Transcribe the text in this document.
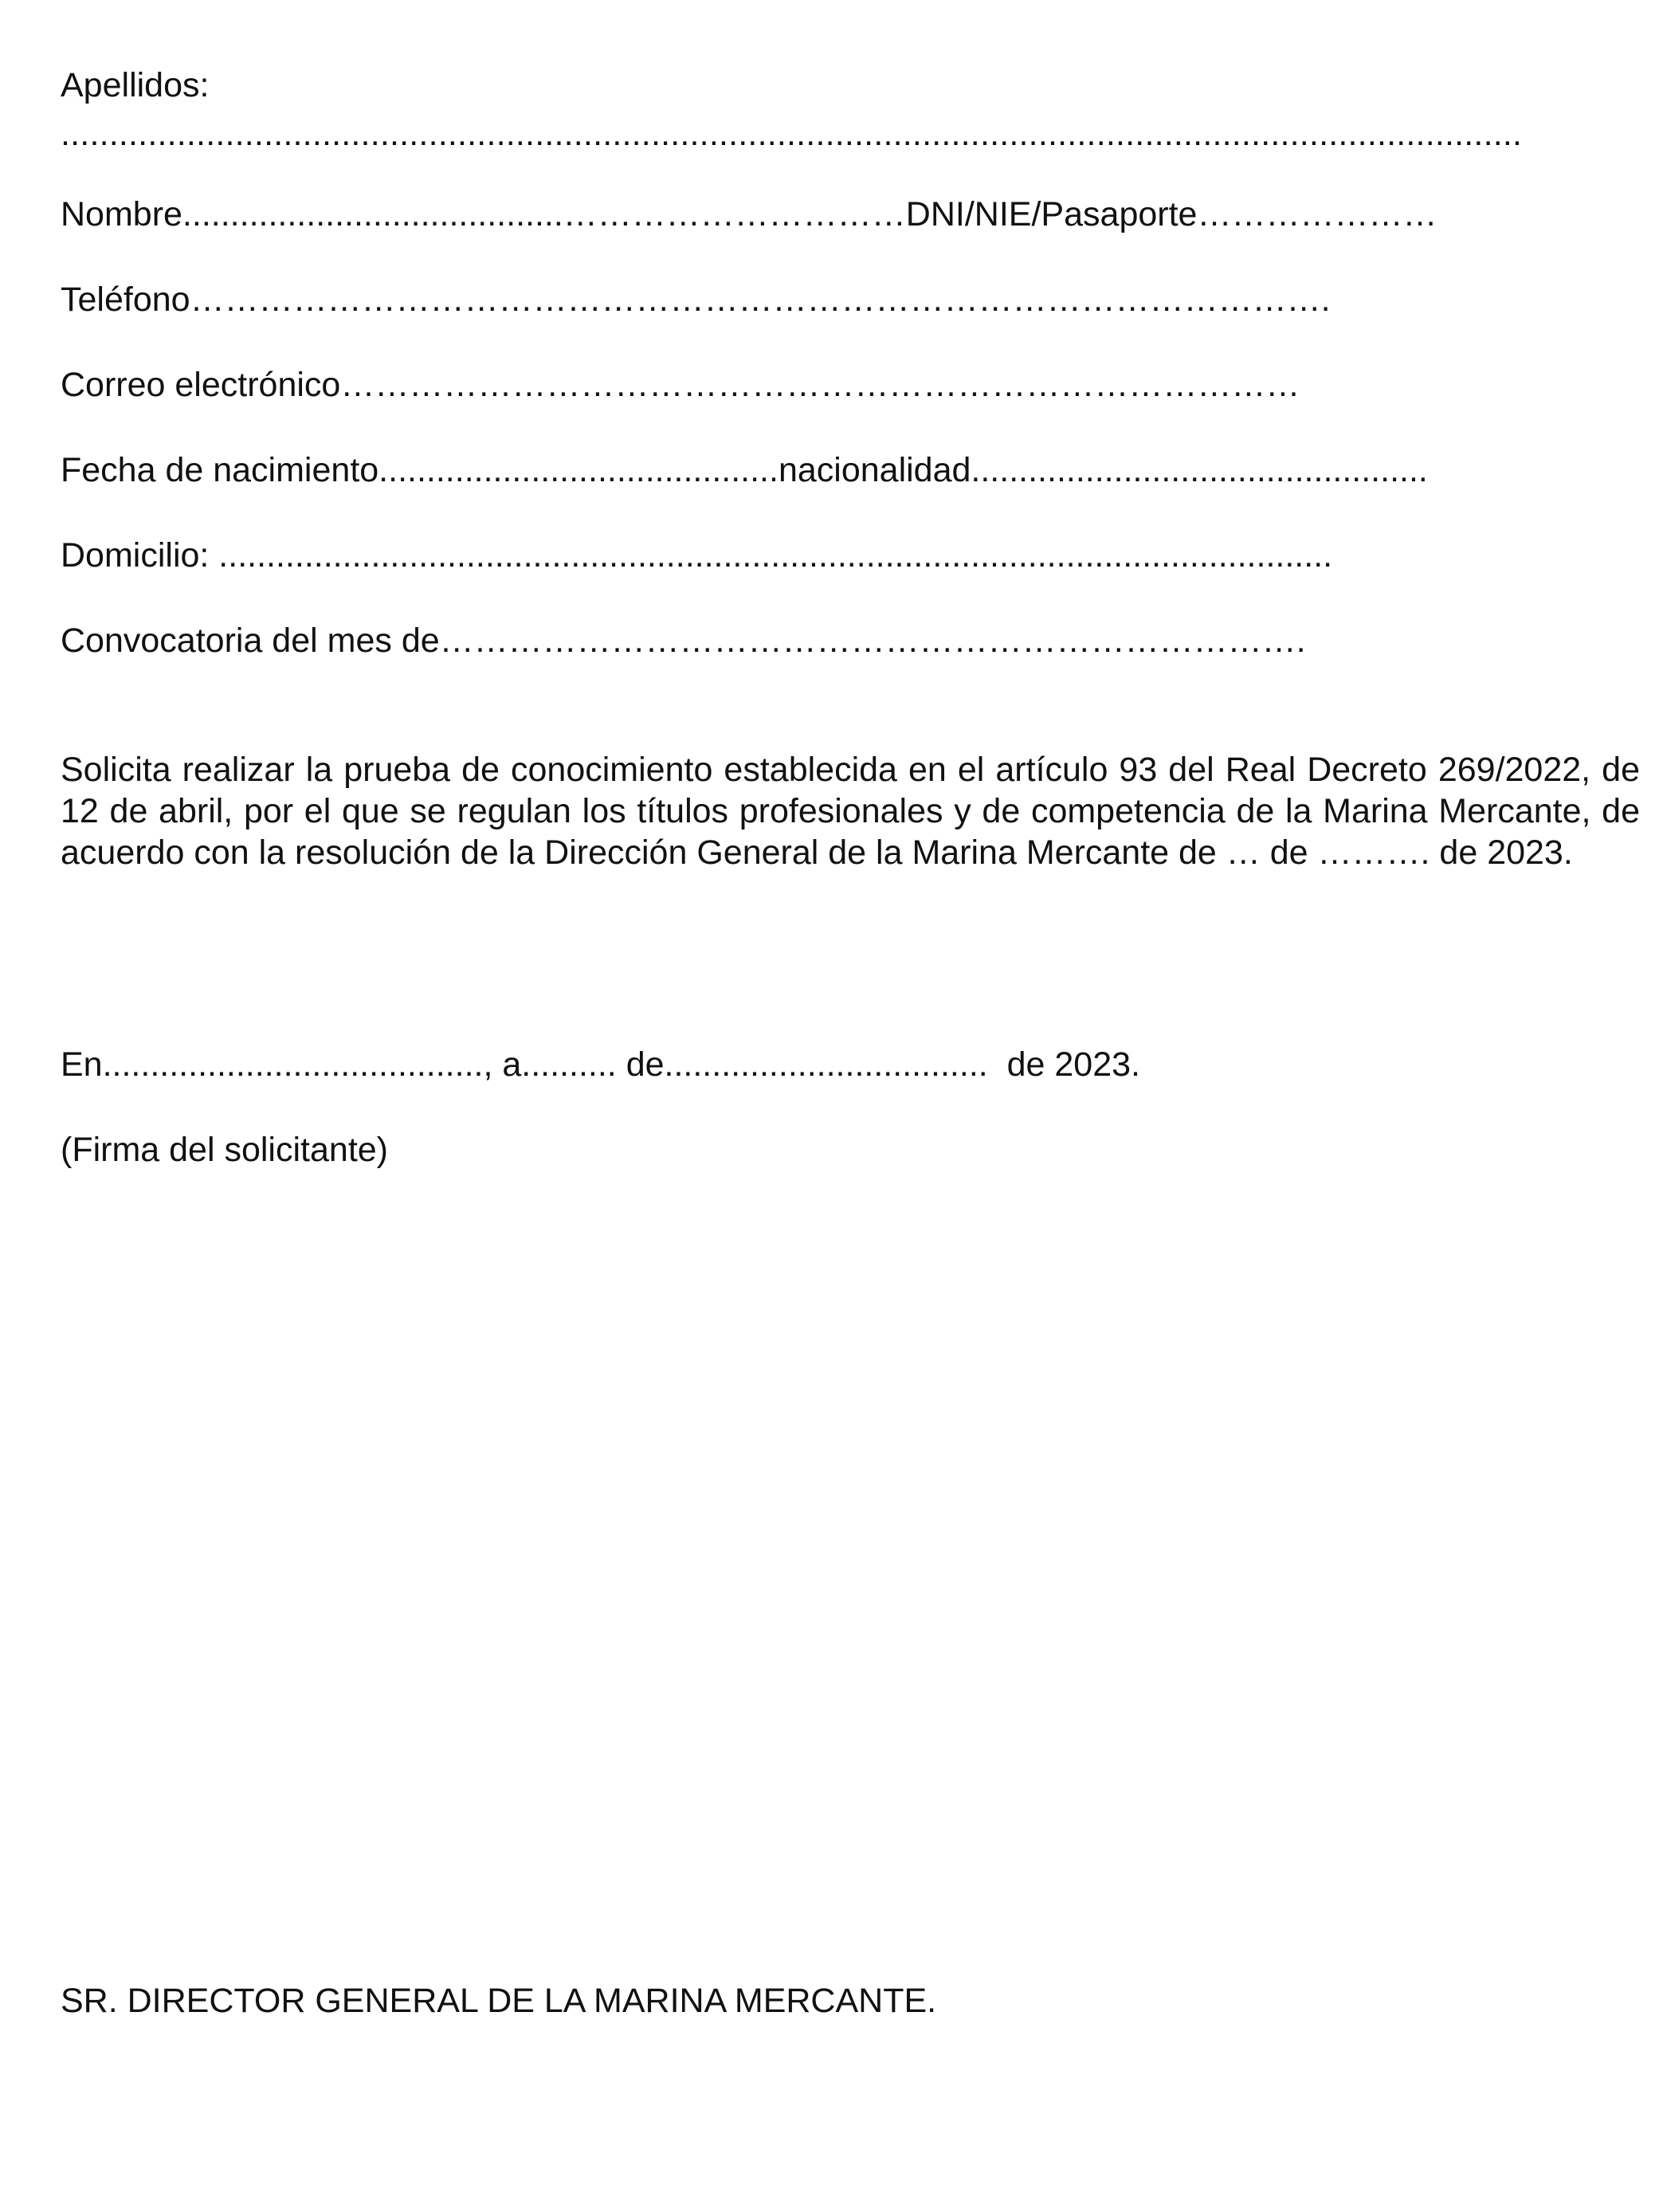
Apellidos:

.......................................................................................................................................................

Nombre........................................…………………………DNI/NIE/Pasaporte…………………

Teléfono……………………………………………………………………………………….

Correo electrónico…………………………………………………………………………

Fecha de nacimiento..........................................nacionalidad................................................

Domicilio: .....................................................................................................................

Convocatoria del mes de………………………………………………………………….

Solicita realizar la prueba de conocimiento establecida en el artículo 93 del Real Decreto 269/2022, de 12 de abril, por el que se regulan los títulos profesionales y de competencia de la Marina Mercante, de acuerdo con la resolución de la Dirección General de la Marina Mercante de … de ………. de 2023.

En........................................, a.......... de..................................  de 2023.

(Firma del solicitante)

SR. DIRECTOR GENERAL DE LA MARINA MERCANTE.
